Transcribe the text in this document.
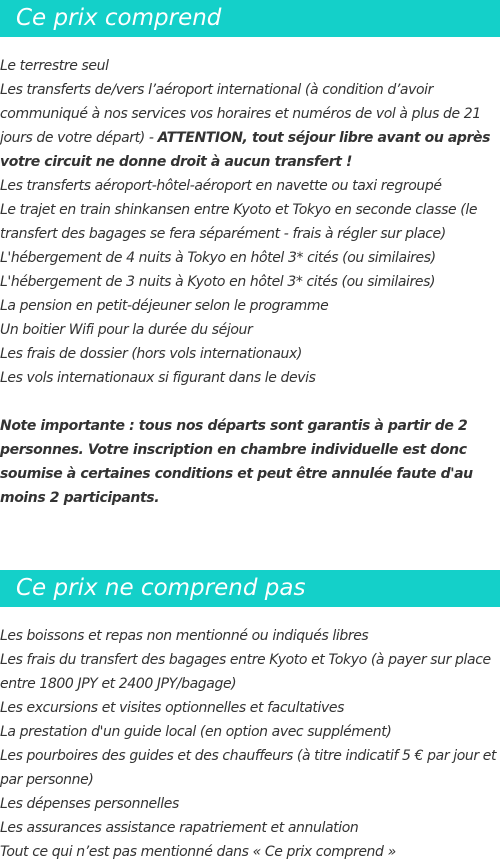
Ce prix comprend

Le terrestre seul

Les transferts de/vers l’aéroport international (à condition d’avoir communiqué à nos services vos horaires et numéros de vol à plus de 21 jours de votre départ) - ATTENTION, tout séjour libre avant ou après votre circuit ne donne droit à aucun transfert !

Les transferts aéroport-hôtel-aéroport en navette ou taxi regroupé

Le trajet en train shinkansen entre Kyoto et Tokyo en seconde classe (le transfert des bagages se fera séparément - frais à régler sur place)

L'hébergement de 4 nuits à Tokyo en hôtel 3* cités (ou similaires)

L'hébergement de 3 nuits à Kyoto en hôtel 3* cités (ou similaires)

La pension en petit-déjeuner selon le programme

Un boitier Wifi pour la durée du séjour

Les frais de dossier (hors vols internationaux)

Les vols internationaux si figurant dans le devis

Note importante : tous nos départs sont garantis à partir de 2 personnes. Votre inscription en chambre individuelle est donc soumise à certaines conditions et peut être annulée faute d'au moins 2 participants.

Ce prix ne comprend pas

Les boissons et repas non mentionné ou indiqués libres

Les frais du transfert des bagages entre Kyoto et Tokyo (à payer sur place entre 1800 JPY et 2400 JPY/bagage)

Les excursions et visites optionnelles et facultatives

La prestation d'un guide local (en option avec supplément)

Les pourboires des guides et des chauffeurs (à titre indicatif 5 € par jour et par personne)

Les dépenses personnelles

Les assurances assistance rapatriement et annulation

Tout ce qui n’est pas mentionné dans « Ce prix comprend »
